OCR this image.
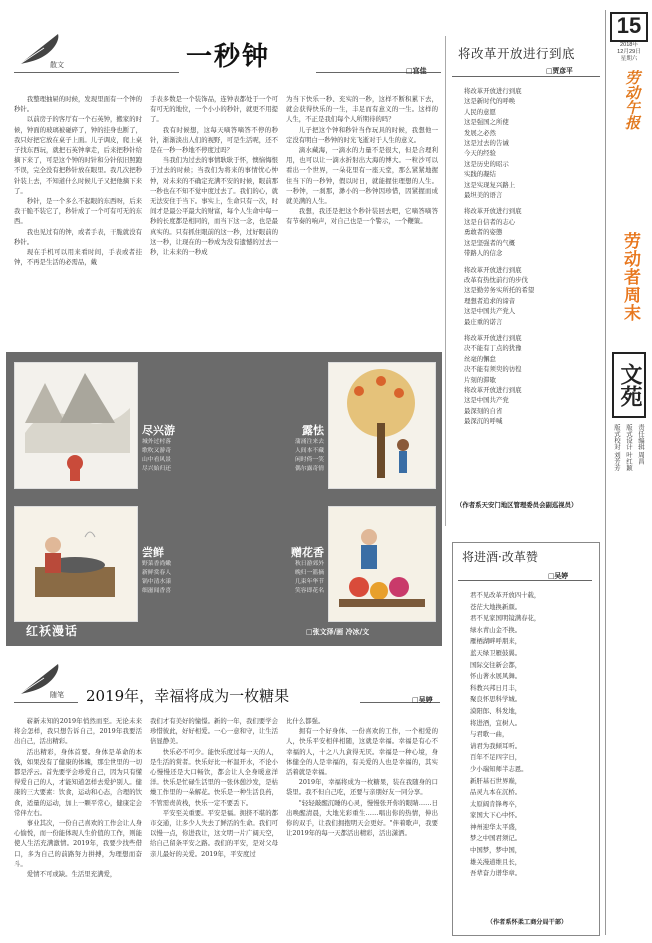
15
2018年
12月29日
星期六
劳动午报
劳动者周末
文苑
责任编辑 周昌
版式设计 叶红颖
版式校对 刘芳芳
散文	一秒钟	□宫佳

我整理抽屉的时候，发现里面有一个钟的秒针。

以前房子的客厅有一个石英钟，搬家的时候，钟面的玻璃被碰碎了，钟的挂身也断了，我只好把它放在桌子上面。儿子调皮，爬上桌子找东西玩，就把石英钟拿走，后来把秒针给摘下来了，可是这个钟的时针和分针依旧照跑不误，完全没有把秒针放在眼里。我几次把秒针装上去，不知道什么时候儿子又把他摘下来了。

秒针，是一个多么不起眼的东西呀，后来我干脆不装它了，秒针成了一个可有可无的东西。

我也见过有的钟，或者手表，干脆就没有秒针。

现在手机可以用来看时间，手表或者挂钟，不再是生活的必需品，戴

手表多数是一个装饰品，连钟表都处于一个可有可无的地位，一个小小的秒针，就更不用提了。

我有时候想，这每天嘀答嘀答不停的秒针，渐渐淡出人们的视野，可是生活呢，还不是在一秒一秒地不停度过吗？

当我们为过去的事情耿耿于怀，懊恼悔恨于过去的时候；当我们为将来的事情忧心忡忡，对未来的不确定充满不安的时候，眼前那一秒也在不知不觉中度过去了。我们的心，就无法安住于当下。事实上，生命只有一次，时间才是最公平最大的财富，每个人生命中每一秒的长度都是相同的，而当下这一念，也是最真实的。只有抓住眼前的这一秒，过好眼前的这一秒，让现在的一秒成为没有遗憾的过去一秒，让未来的一秒成

为当下快乐一秒、充实的一秒，这样不断积累下去，就会获得快乐的一生，丰足而有意义的一生。这样的人生，不正是我们每个人所期待的吗？

儿子把这个钟和秒针当作玩具的时候，我想他一定没有明白一秒钟的时光飞逝对于人生的意义。

滴水藏海，一滴水的力量不是很大，但是合理利用，也可以让一滴水折射出大海的博大。一粒沙可以看出一个世界，一朵花里有一座天堂，那么紧紧地握住当下的一秒钟，假以时日，就能握住理想的人生。一秒钟，一刹那，渺小的一秒钟因珍惜，因紧握而成就美满的人生。

我想，我还是把这个秒针装回去吧，它嘀答嘀答有节奏的响声，对自己也是一个警示，一个鞭策。

将改革开放进行到底
□贾彦平
将改革开放进行到底
这是新时代的呼唤
人民的意愿
这是强国之所使
发展之必然
这是过去的告诫
今天的经验
这是历史的昭示
实践的凝结
这是实现复兴路上
最坦美的语言
将改革开放进行到底
这是自信者的志心
勇敢者的姿態
这是坚强者的气概
带路人的信念
将改革开放进行到底
改革有热忱前行的步伐
这是勤劳务实所托的希望
理想者追求的谛音
这是中国共产党人
最庄重的诺言
将改革开放进行到底
决不能有丁点的犹豫
丝毫的懈怠
决不能有须臾的彷徨
片刻的滞歇
将改革开放进行到底
这是中国共产党
最深刻的自省
最深沉的呼喊
（作者系天安门地区管理委员会副巡视员）
尽兴游
城外过村落
歌吹又游奇
山中看风景
尽兴始归还
露怯
蒲涌注来去
人间本不藏
闲时倚一笑
偶尔露奇情
尝鲜
野菜香尚嫩
新鲜赏春人
锅中清水漾
细滋闻香喜
赠花香
秋日游郊外
晚归一篮摘
几束年华节
笑容即花名
红袄漫话	□张文泽/画 冷冰/文
随笔 2019年，幸福将成为一枚糖果	□吴婷

崭新未知的2019年悄然而至。无论未来将会怎样，我只想告诉自己，2019年我要活出自己，活出精彩。

活出精彩，身体首要。身体是革命的本钱，如果没有了健康的体魄，那尘世里的一切都是浮云。首先要学会珍爱自己，因为只有懂得爱自己的人，才能知道怎样去爱护别人。健康的三大要素：饮食，运动和心态，合理的饮食，适量的运动，加上一颗平常心，健康定会常伴左右。

事业其次，一份自己喜欢的工作会让人身心愉悦，而一份能体现人生价值的工作，则能使人生活充满激情。2019年，我要少找些借口，多为自己的前路努力拼搏，为理想而奋斗。

爱情不可或缺。生活里充满爱，

我们才有美好的憧憬。新的一年，我们要学会珍惜彼此，好好相爱。一心一意和守，让生活倍显静美。

快乐必不可少。能快乐度过每一天的人，是生活的赏者。快乐好比一杯温开水，不论小心慢慢还是大口畅饮，都会让人全身暖意洋洋。快乐是忙碌生活里的一张休憩沙发，是枯燥工作里的一朵解花。快乐是一种生活良药，不管需责黄栈，快乐一定不要丢下。

平安至关重要。平安是福。拥挤不堪的都市交通，让多少人失去了鲜活的生命。我们可以慢一点，你进我让，这文明一片广阔天空，给自己留条平安之路。我们的平安，是对父母亲儿最好的关爱。2019年，平安度过

比什么都强。

拥有一个好身体、一份喜欢的工作，一个相爱的人，快乐平安相伴相随，这就是幸福。幸福是有心不幸福的人，十之八九貪得无厌。幸福是一种心境，身体健全的人是幸福的，有关爱的人也是幸福的，其实活着就是幸福。

2019年，幸福将成为一枚糖果，装在我随身的口袋里。我不但自己吃，还要与亲朋好友一同分享。

"轻轻敲醒沉睡的心灵，慢慢张开你的眼睛……日出唤醒清晨，大地光彩重生……唱出你的热情，伸出你的双手，让我们拥抱明天会更好。"伴着歌声，我要让2019年的每一天都活出精彩，活出潇洒。

将进酒·改革赞
□吴婷
君不见改革开放四十载，
苍茫大地换新颜。
君不见家国明镜满春花，
绿水青山金不换。
雁栖湖畔呼朋来，
蓝天绿卫雁鼓翼。
国际交往新会都，
怀山著水展风舞。
科教兴邦日月丰，
聚良怀思科学城。
漠阳郎、科发地，
将进酒，宜树人。
与君歌一曲，
请君为我倾耳听。
百年不足四字日，
少小瑞知师半志恩。
新肝基石世界巅，
品灵九本在沉桥。
太原阔肯锋粤卒，
家国大下心中怀。
神州迎华太平盛，
梦之中国君须记。
中国梦，梦中国，
雄关漫道维且长，
吾辈奋力谱华章。
（作者系怀柔工商分局干部）
